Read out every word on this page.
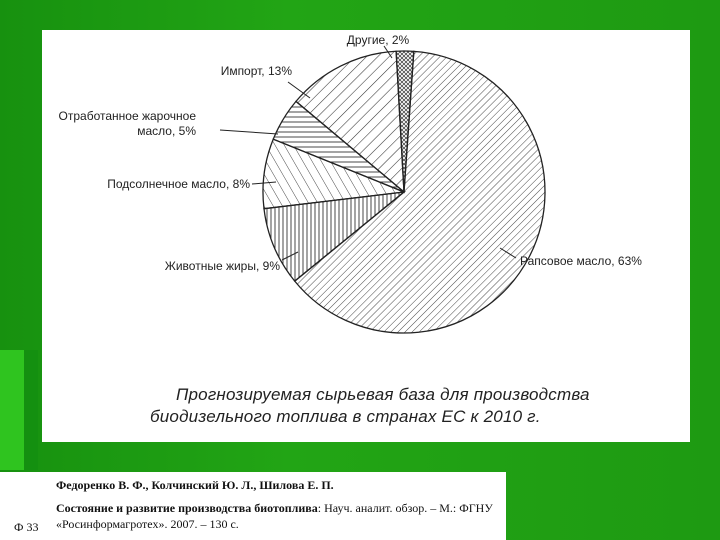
Рапсовое масло, 63%
Животные жиры, 9%
Подсолнечное масло, 8%
Отработанное жарочное масло, 5%
Импорт, 13%
Другие, 2%
Прогнозируемая сырьевая база для производства
биодизельного топлива в странах ЕС к 2010 г.
Федоренко В. Ф., Колчинский Ю. Л., Шилова Е. П.
Ф 33
Состояние и развитие производства биотоплива: Науч. аналит. обзор. – М.: ФГНУ «Росинформагротех». 2007. – 130 с.
